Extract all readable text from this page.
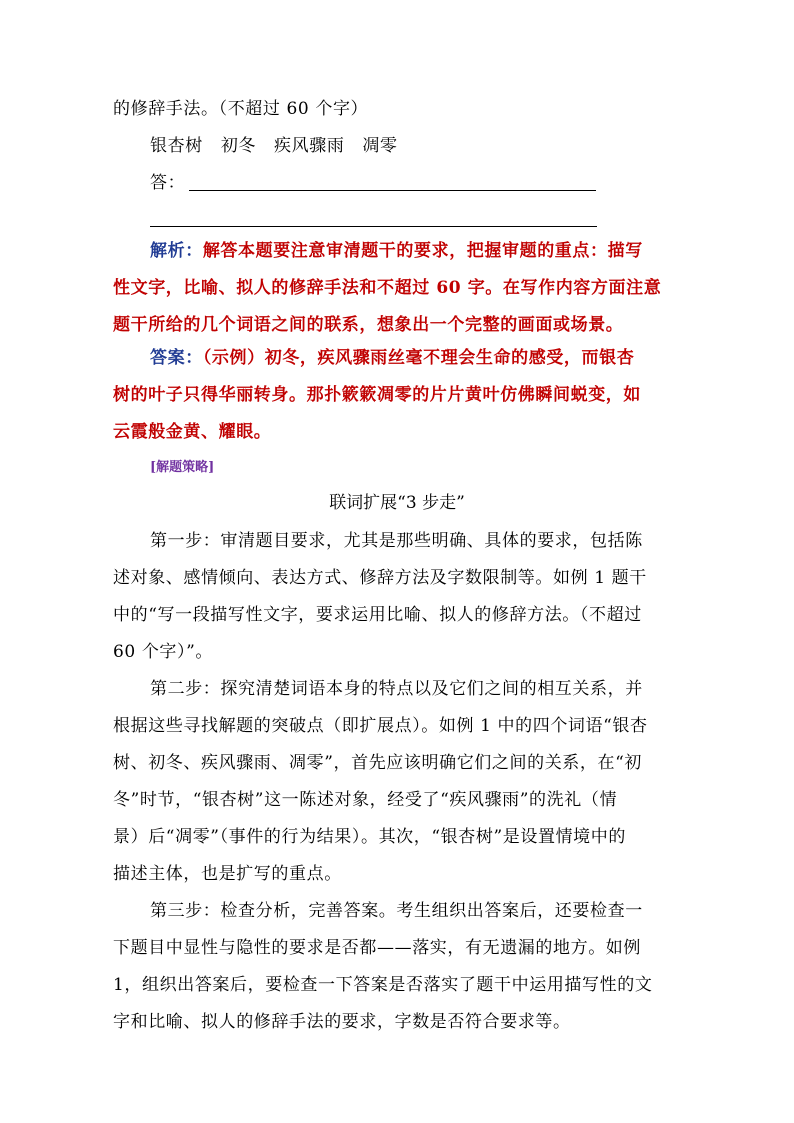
的修辞手法。（不超过 60 个字）
银杏树 初冬 疾风骤雨 凋零
答：
解析：解答本题要注意审清题干的要求，把握审题的重点：描写
性文字，比喻、拟人的修辞手法和不超过 60 字。在写作内容方面注意
题干所给的几个词语之间的联系，想象出一个完整的画面或场景。
答案：（示例）初冬，疾风骤雨丝毫不理会生命的感受，而银杏
树的叶子只得华丽转身。那扑簌簌凋零的片片黄叶仿佛瞬间蜕变，如
云霞般金黄、耀眼。
[解题策略]
联词扩展“3 步走”
第一步：审清题目要求，尤其是那些明确、具体的要求，包括陈
述对象、感情倾向、表达方式、修辞方法及字数限制等。如例 1 题干
中的“写一段描写性文字，要求运用比喻、拟人的修辞方法。（不超过
60 个字）”。
第二步：探究清楚词语本身的特点以及它们之间的相互关系，并
根据这些寻找解题的突破点（即扩展点）。如例 1 中的四个词语“银杏
树、初冬、疾风骤雨、凋零”，首先应该明确它们之间的关系，在“初
冬”时节，“银杏树”这一陈述对象，经受了“疾风骤雨”的洗礼（情
景）后“凋零”（事件的行为结果）。其次，“银杏树”是设置情境中的
描述主体，也是扩写的重点。
第三步：检查分析，完善答案。考生组织出答案后，还要检查一
下题目中显性与隐性的要求是否都——落实，有无遗漏的地方。如例
1，组织出答案后，要检查一下答案是否落实了题干中运用描写性的文
字和比喻、拟人的修辞手法的要求，字数是否符合要求等。
